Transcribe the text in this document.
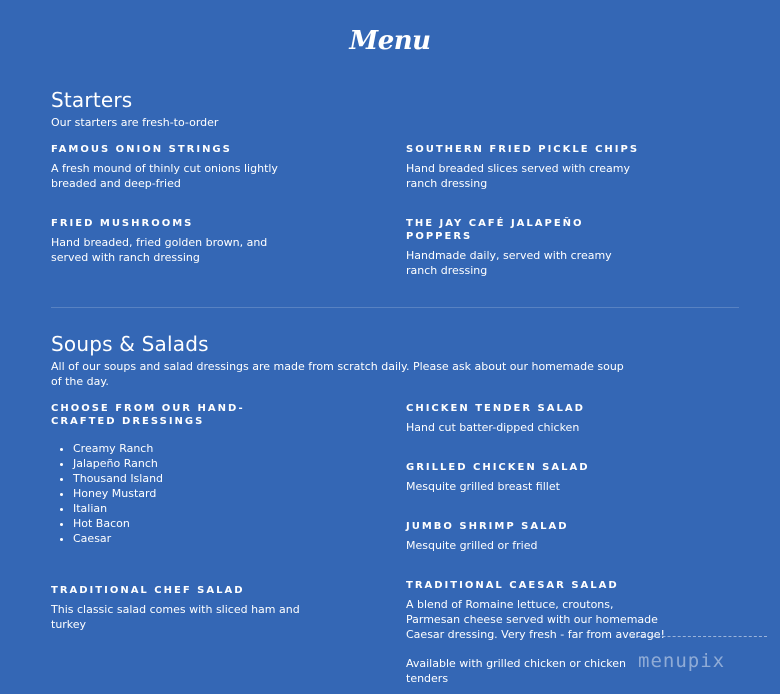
Menu
Starters
Our starters are fresh-to-order
FAMOUS ONION STRINGS
A fresh mound of thinly cut onions lightly breaded and deep-fried
SOUTHERN FRIED PICKLE CHIPS
Hand breaded slices served with creamy ranch dressing
FRIED MUSHROOMS
Hand breaded, fried golden brown, and served with ranch dressing
THE JAY CAFÉ JALAPEÑO POPPERS
Handmade daily, served with creamy ranch dressing
Soups & Salads
All of our soups and salad dressings are made from scratch daily. Please ask about our homemade soup of the day.
CHOOSE FROM OUR HAND-CRAFTED DRESSINGS
• Creamy Ranch
• Jalapeño Ranch
• Thousand Island
• Honey Mustard
• Italian
• Hot Bacon
• Caesar
CHICKEN TENDER SALAD
Hand cut batter-dipped chicken
GRILLED CHICKEN SALAD
Mesquite grilled breast fillet
JUMBO SHRIMP SALAD
Mesquite grilled or fried
TRADITIONAL CHEF SALAD
This classic salad comes with sliced ham and turkey
TRADITIONAL CAESAR SALAD
A blend of Romaine lettuce, croutons, Parmesan cheese served with our homemade Caesar dressing. Very fresh - far from average!
Available with grilled chicken or chicken tenders
menupix
